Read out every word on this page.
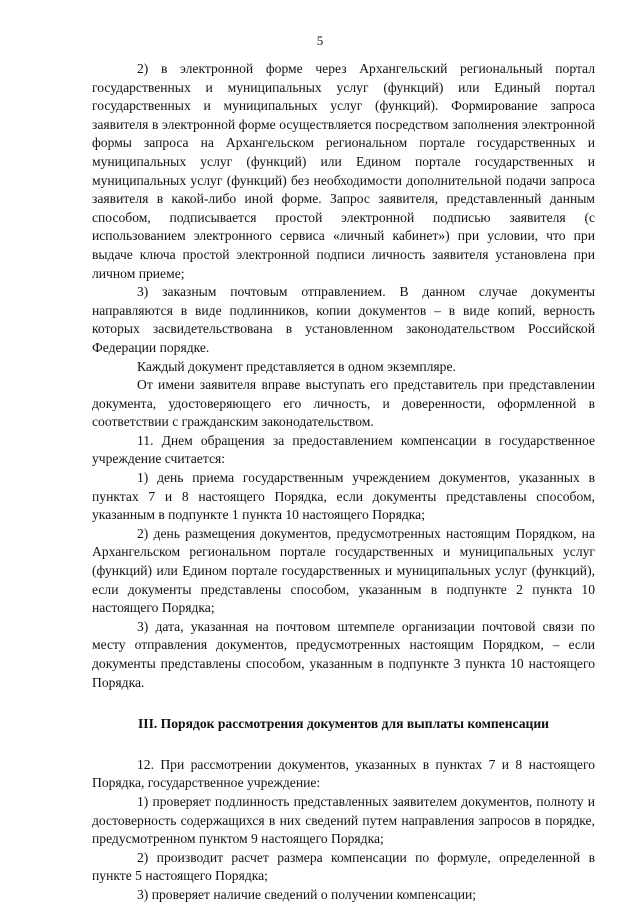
5

2) в электронной форме через Архангельский региональный портал государственных и муниципальных услуг (функций) или Единый портал государственных и муниципальных услуг (функций). Формирование запроса заявителя в электронной форме осуществляется посредством заполнения электронной формы запроса на Архангельском региональном портале государственных и муниципальных услуг (функций) или Едином портале государственных и муниципальных услуг (функций) без необходимости дополнительной подачи запроса заявителя в какой-либо иной форме. Запрос заявителя, представленный данным способом, подписывается простой электронной подписью заявителя (с использованием электронного сервиса «личный кабинет») при условии, что при выдаче ключа простой электронной подписи личность заявителя установлена при личном приеме;

3) заказным почтовым отправлением. В данном случае документы направляются в виде подлинников, копии документов – в виде копий, верность которых засвидетельствована в установленном законодательством Российской Федерации порядке.

Каждый документ представляется в одном экземпляре.

От имени заявителя вправе выступать его представитель при представлении документа, удостоверяющего его личность, и доверенности, оформленной в соответствии с гражданским законодательством.

11. Днем обращения за предоставлением компенсации в государственное учреждение считается:

1) день приема государственным учреждением документов, указанных в пунктах 7 и 8 настоящего Порядка, если документы представлены способом, указанным в подпункте 1 пункта 10 настоящего Порядка;

2) день размещения документов, предусмотренных настоящим Порядком, на Архангельском региональном портале государственных и муниципальных услуг (функций) или Едином портале государственных и муниципальных услуг (функций), если документы представлены способом, указанным в подпункте 2 пункта 10 настоящего Порядка;

3) дата, указанная на почтовом штемпеле организации почтовой связи по месту отправления документов, предусмотренных настоящим Порядком, – если документы представлены способом, указанным в подпункте 3 пункта 10 настоящего Порядка.

III. Порядок рассмотрения документов для выплаты компенсации

12. При рассмотрении документов, указанных в пунктах 7 и 8 настоящего Порядка, государственное учреждение:

1) проверяет подлинность представленных заявителем документов, полноту и достоверность содержащихся в них сведений путем направления запросов в порядке, предусмотренном пунктом 9 настоящего Порядка;

2) производит расчет размера компенсации по формуле, определенной в пункте 5 настоящего Порядка;

3) проверяет наличие сведений о получении компенсации;
